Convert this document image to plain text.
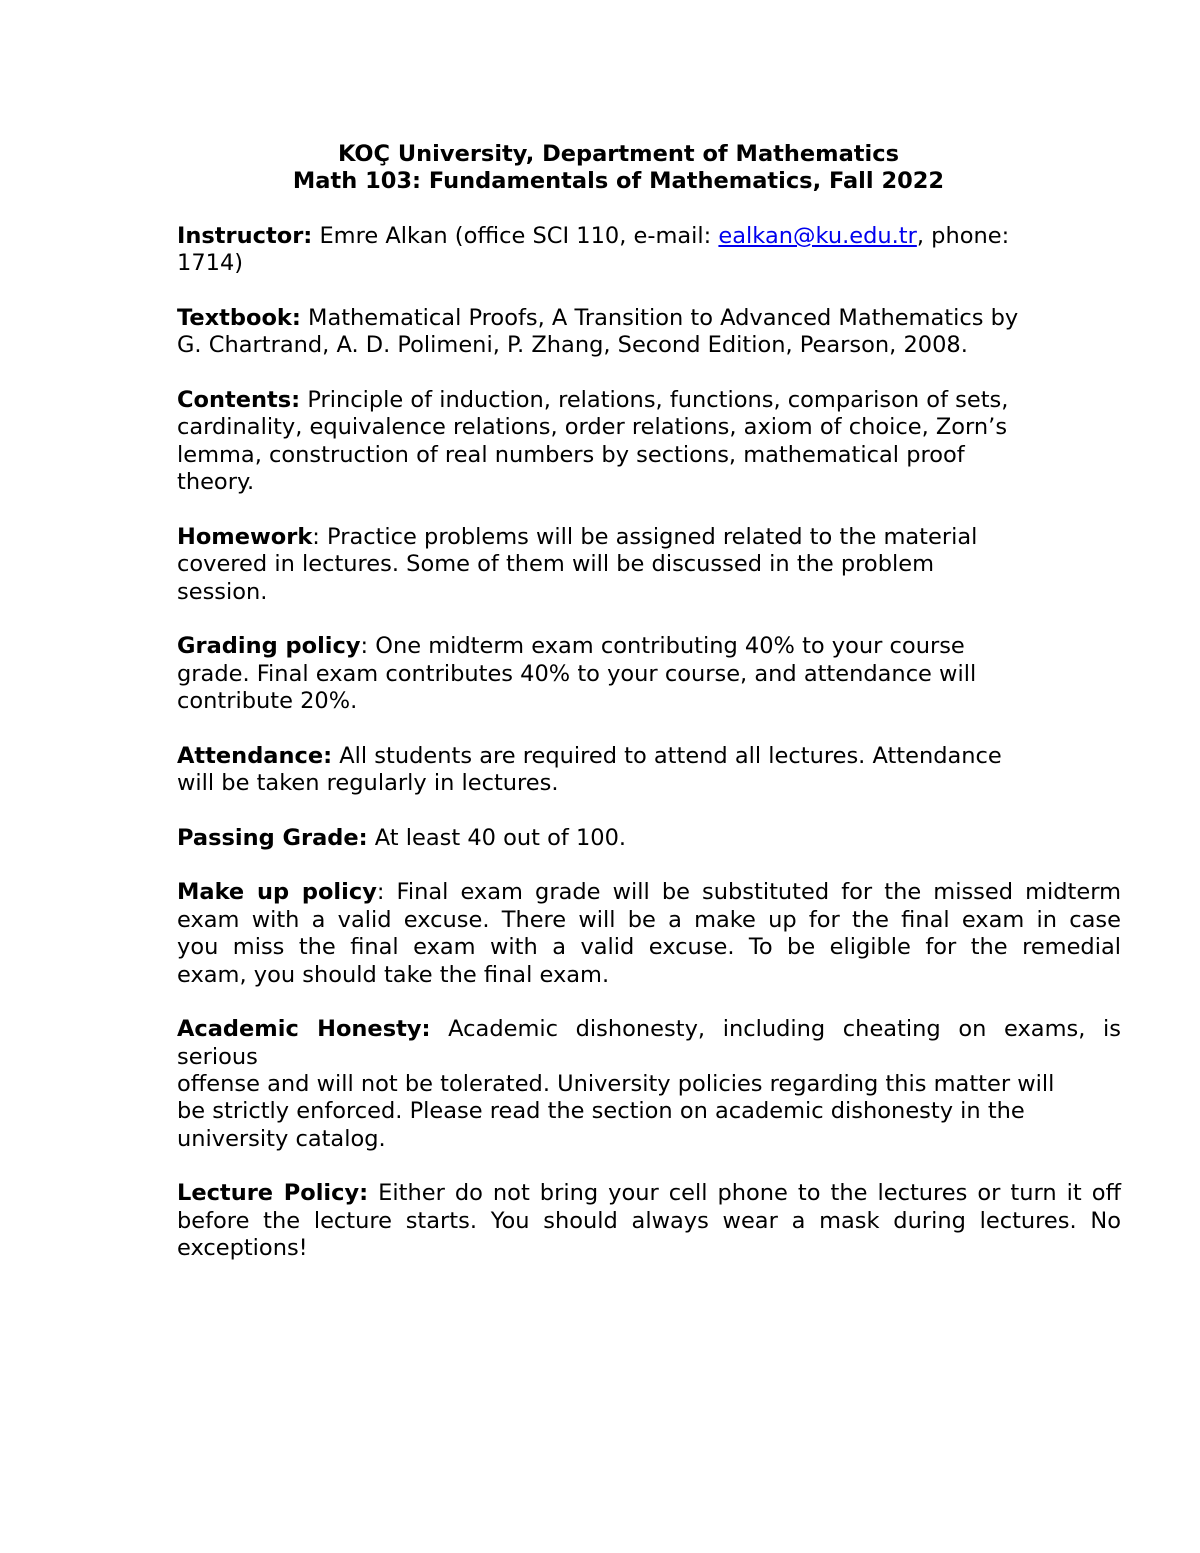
KOÇ University, Department of Mathematics
Math 103: Fundamentals of Mathematics, Fall 2022
Instructor: Emre Alkan (office SCI 110, e-mail: ealkan@ku.edu.tr, phone:
1714)
Textbook: Mathematical Proofs, A Transition to Advanced Mathematics by
G. Chartrand, A. D. Polimeni, P. Zhang, Second Edition, Pearson, 2008.
Contents: Principle of induction, relations, functions, comparison of sets,
cardinality, equivalence relations, order relations, axiom of choice, Zorn’s
lemma, construction of real numbers by sections, mathematical proof
theory.
Homework: Practice problems will be assigned related to the material
covered in lectures. Some of them will be discussed in the problem
session.
Grading policy: One midterm exam contributing 40% to your course
grade. Final exam contributes 40% to your course, and attendance will
contribute 20%.
Attendance: All students are required to attend all lectures. Attendance
will be taken regularly in lectures.
Passing Grade: At least 40 out of 100.
Make up policy: Final exam grade will be substituted for the missed midterm
exam with a valid excuse. There will be a make up for the final exam in case
you miss the final exam with a valid excuse. To be eligible for the remedial
exam, you should take the final exam.
Academic Honesty: Academic dishonesty, including cheating on exams, is
serious
offense and will not be tolerated. University policies regarding this matter will
be strictly enforced. Please read the section on academic dishonesty in the
university catalog.
Lecture Policy: Either do not bring your cell phone to the lectures or turn it off
before the lecture starts. You should always wear a mask during lectures. No
exceptions!
